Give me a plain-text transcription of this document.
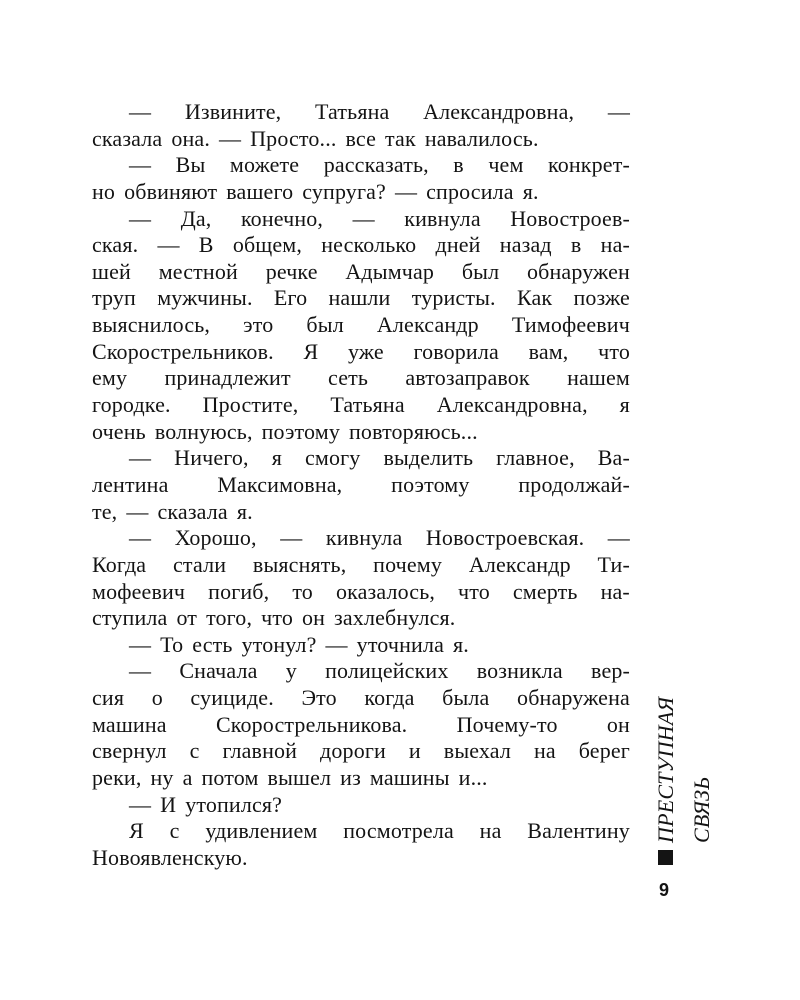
— Извините, Татьяна Александровна, —
сказала она. — Просто... все так навалилось.
— Вы можете рассказать, в чем конкрет-
но обвиняют вашего супруга? — спросила я.
— Да, конечно, — кивнула Новостроев-
ская. — В общем, несколько дней назад в на-
шей местной речке Адымчар был обнаружен
труп мужчины. Его нашли туристы. Как позже
выяснилось, это был Александр Тимофеевич
Скорострельников. Я уже говорила вам, что
ему принадлежит сеть автозаправок нашем
городке. Простите, Татьяна Александровна, я
очень волнуюсь, поэтому повторяюсь...
— Ничего, я смогу выделить главное, Ва-
лентина Максимовна, поэтому продолжай-
те, — сказала я.
— Хорошо, — кивнула Новостроевская. —
Когда стали выяснять, почему Александр Ти-
мофеевич погиб, то оказалось, что смерть на-
ступила от того, что он захлебнулся.
— То есть утонул? — уточнила я.
— Сначала у полицейских возникла вер-
сия о суициде. Это когда была обнаружена
машина Скорострельникова. Почему-то он
свернул с главной дороги и выехал на берег
реки, ну а потом вышел из машины и...
— И утопился?
Я с удивлением посмотрела на Валентину
Новоявленскую.
ПРЕСТУПНАЯ СВЯЗЬ
9
